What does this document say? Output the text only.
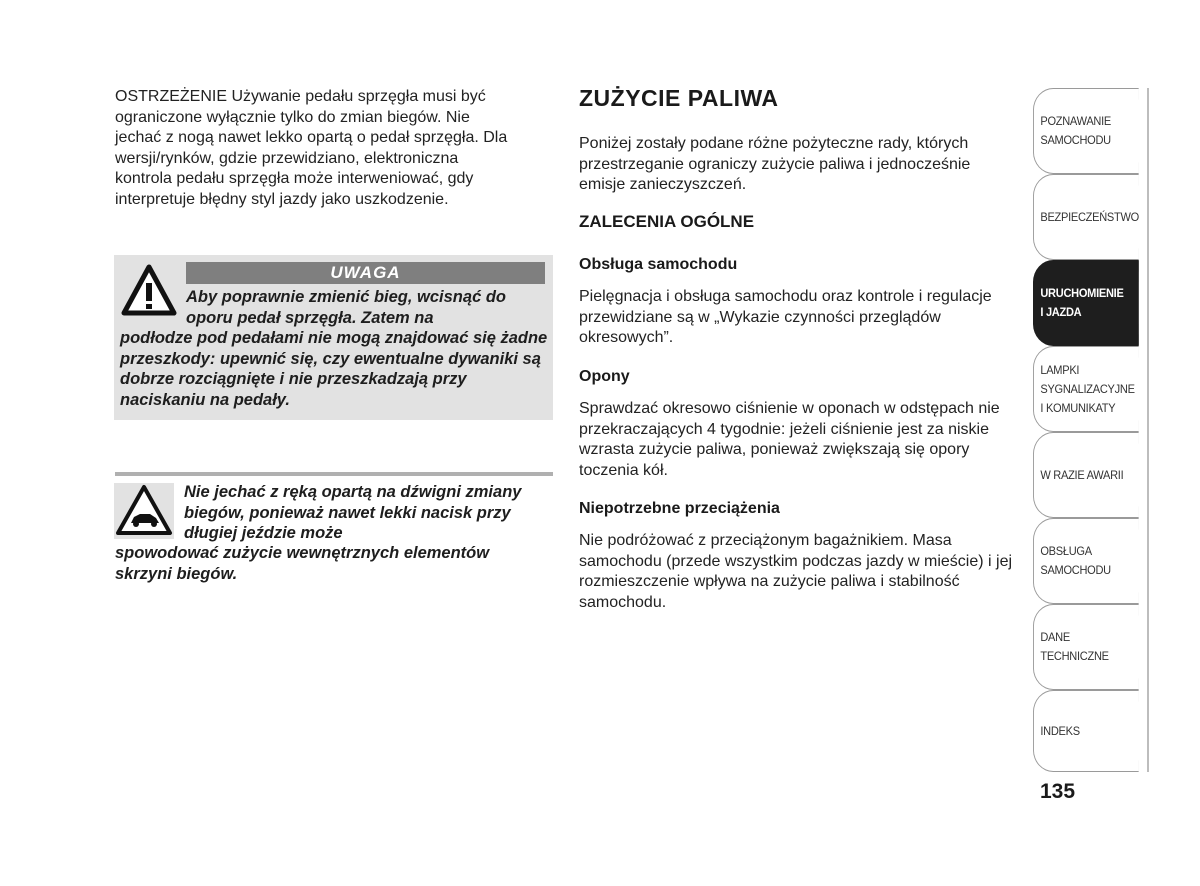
OSTRZEŻENIE Używanie pedału sprzęgła musi być ograniczone wyłącznie tylko do zmian biegów. Nie jechać z nogą nawet lekko opartą o pedał sprzęgła. Dla wersji/rynków, gdzie przewidziano, elektroniczna kontrola pedału sprzęgła może interweniować, gdy interpretuje błędny styl jazdy jako uszkodzenie.

UWAGA

Aby poprawnie zmienić bieg, wcisnąć do oporu pedał sprzęgła. Zatem na

podłodze pod pedałami nie mogą znajdować się żadne przeszkody: upewnić się, czy ewentualne dywaniki są dobrze rozciągnięte i nie przeszkadzają przy naciskaniu na pedały.

Nie jechać z ręką opartą na dźwigni zmiany biegów, ponieważ nawet lekki nacisk przy długiej jeździe może

spowodować zużycie wewnętrznych elementów skrzyni biegów.

ZUŻYCIE PALIWA

Poniżej zostały podane różne pożyteczne rady, których przestrzeganie ograniczy zużycie paliwa i jednocześnie emisje zanieczyszczeń.

ZALECENIA OGÓLNE
Obsługa samochodu

Pielęgnacja i obsługa samochodu oraz kontrole i regulacje przewidziane są w „Wykazie czynności przeglądów okresowych”.

Opony

Sprawdzać okresowo ciśnienie w oponach w odstępach nie przekraczających 4 tygodnie: jeżeli ciśnienie jest za niskie wzrasta zużycie paliwa, ponieważ zwiększają się opory toczenia kół.

Niepotrzebne przeciążenia

Nie podróżować z przeciążonym bagażnikiem. Masa samochodu (przede wszystkim podczas jazdy w mieście) i jej rozmieszczenie wpływa na zużycie paliwa i stabilność samochodu.

POZNAWANIE
SAMOCHODU
BEZPIECZEŃSTWO
URUCHOMIENIE
I JAZDA
LAMPKI
SYGNALIZACYJNE
I KOMUNIKATY
W RAZIE AWARII
OBSŁUGA
SAMOCHODU
DANE
TECHNICZNE
INDEKS

135
